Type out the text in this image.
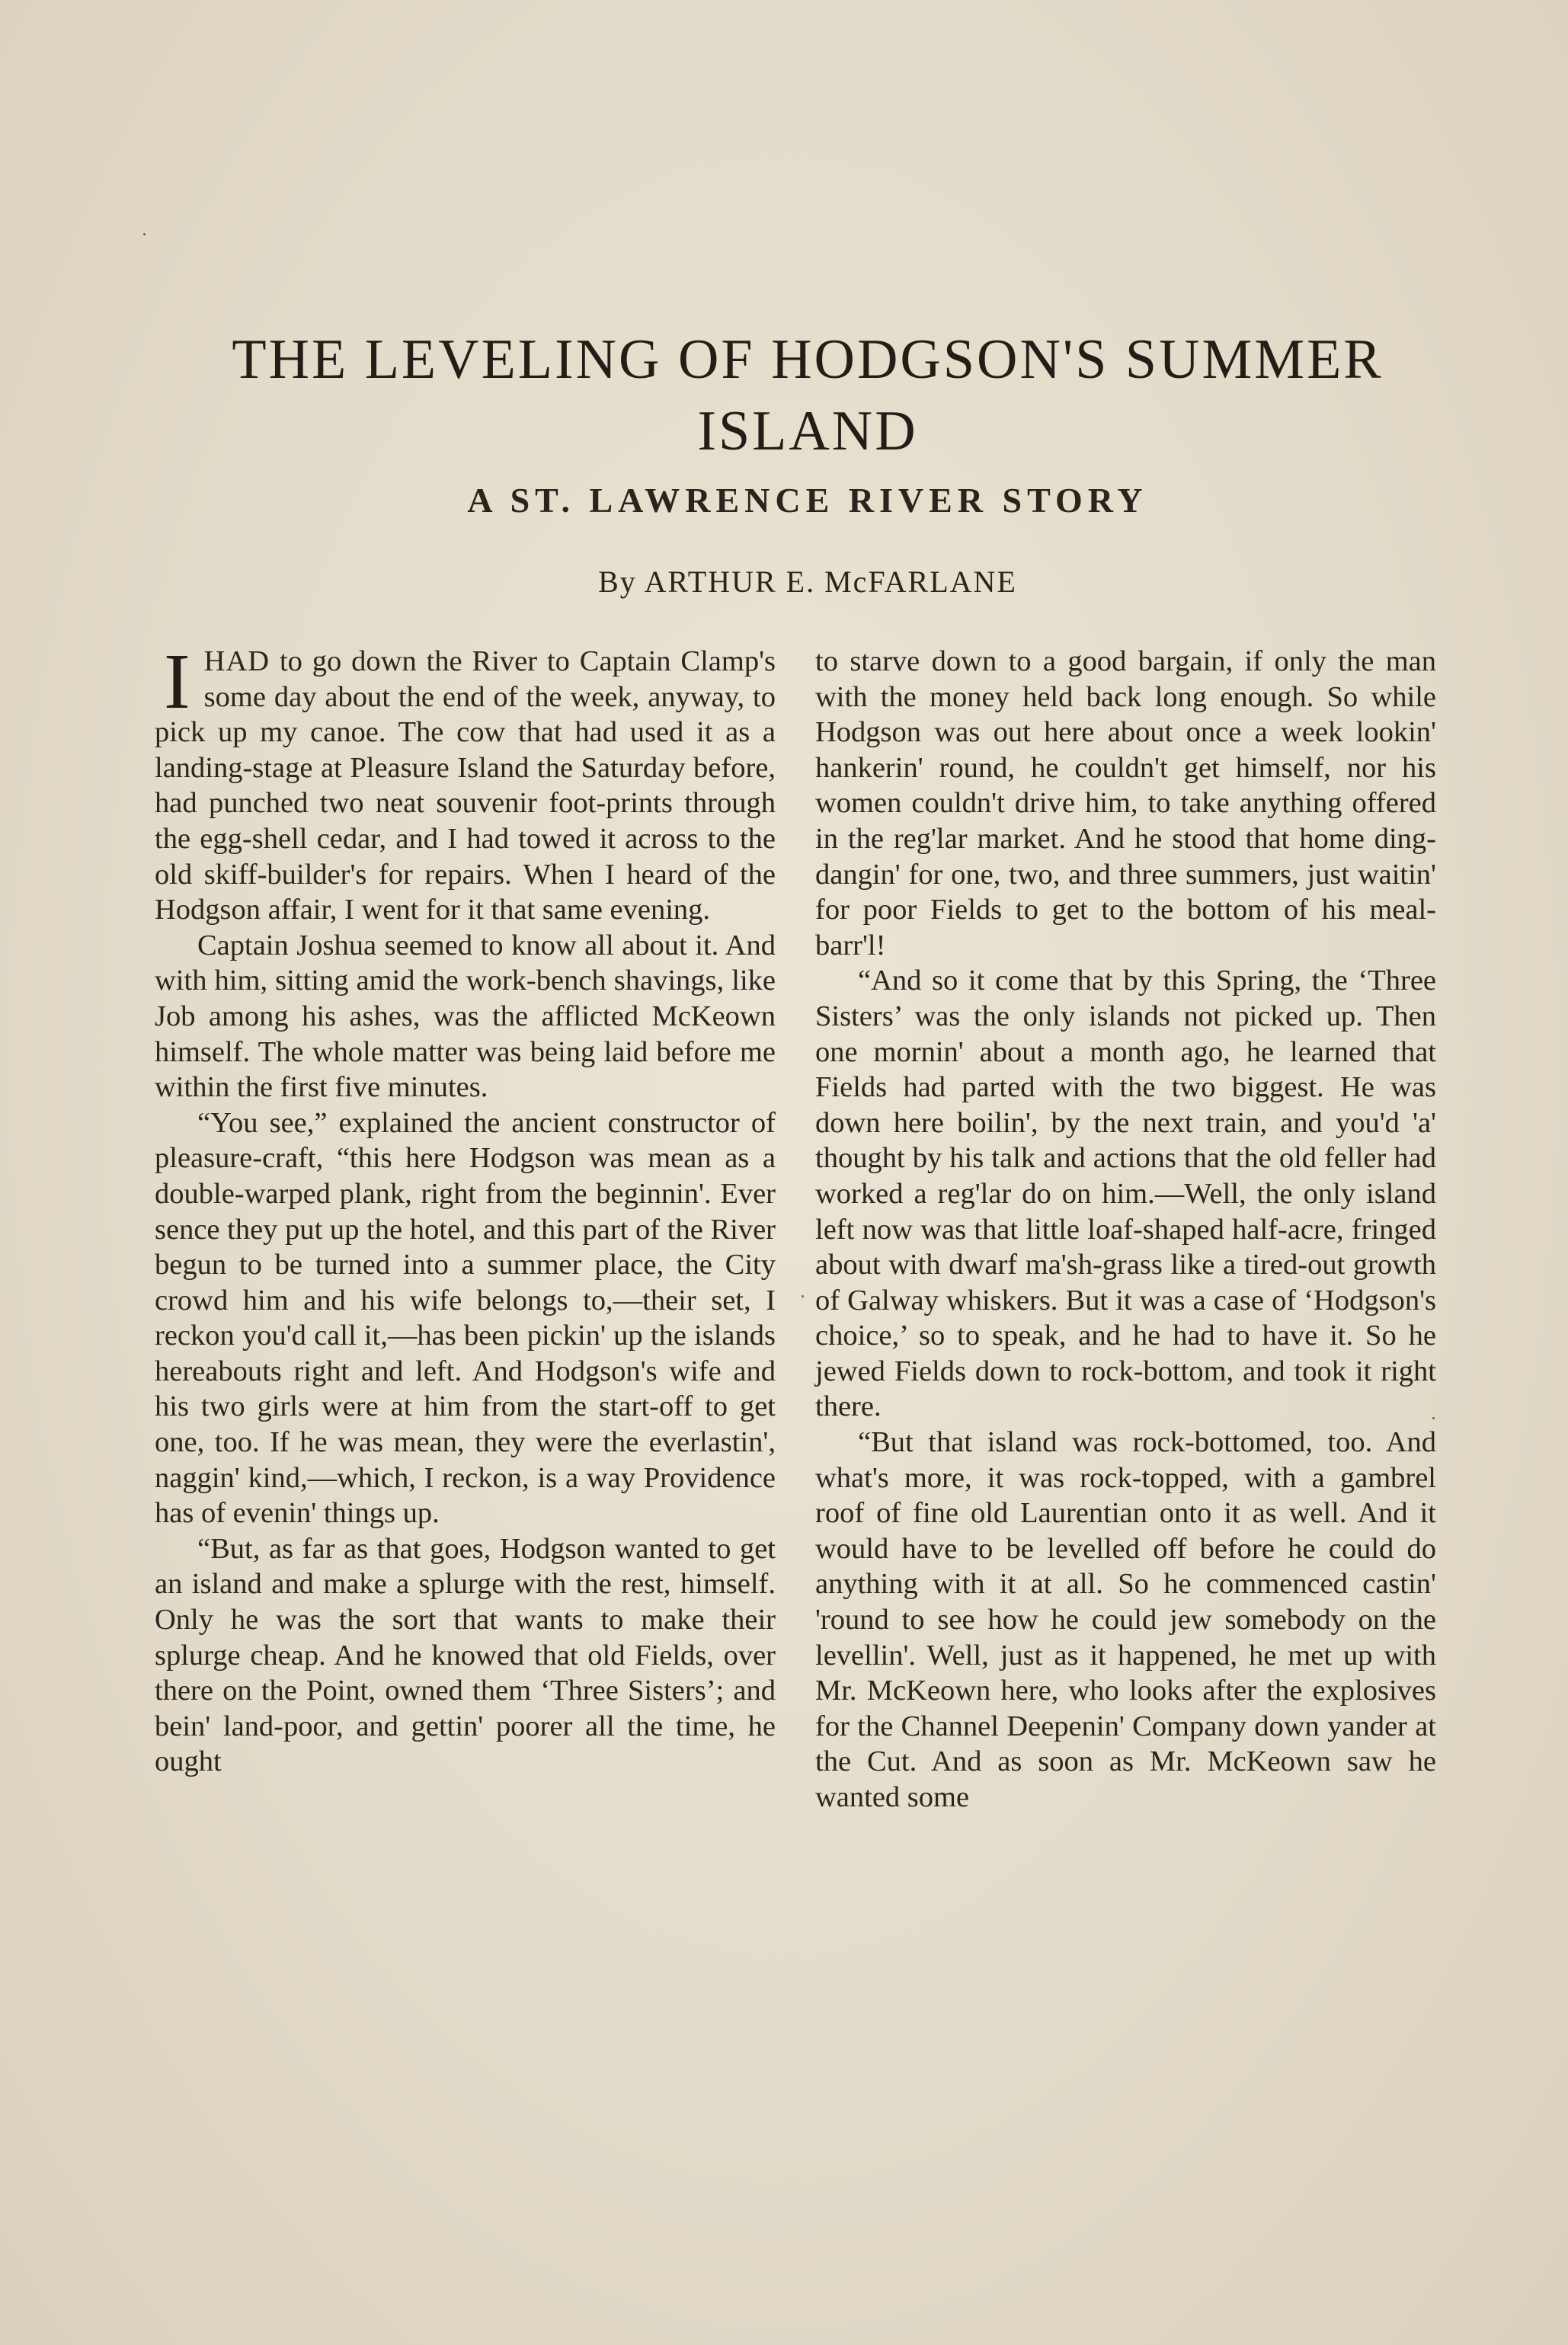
THE LEVELING OF HODGSON'S SUMMER ISLAND
A ST. LAWRENCE RIVER STORY
By ARTHUR E. McFARLANE

IHAD to go down the River to Captain Clamp's some day about the end of the week, anyway, to pick up my canoe. The cow that had used it as a landing-stage at Pleasure Island the Saturday before, had punched two neat souvenir foot-prints through the egg-shell cedar, and I had towed it across to the old skiff-builder's for repairs. When I heard of the Hodgson affair, I went for it that same evening.

Captain Joshua seemed to know all about it. And with him, sitting amid the work-bench shavings, like Job among his ashes, was the afflicted McKeown himself. The whole matter was being laid before me within the first five minutes.

“You see,” explained the ancient constructor of pleasure-craft, “this here Hodgson was mean as a double-warped plank, right from the beginnin'. Ever sence they put up the hotel, and this part of the River begun to be turned into a summer place, the City crowd him and his wife belongs to,—their set, I reckon you'd call it,—has been pickin' up the islands hereabouts right and left. And Hodgson's wife and his two girls were at him from the start-off to get one, too. If he was mean, they were the everlastin', naggin' kind,—which, I reckon, is a way Providence has of evenin' things up.

“But, as far as that goes, Hodgson wanted to get an island and make a splurge with the rest, himself. Only he was the sort that wants to make their splurge cheap. And he knowed that old Fields, over there on the Point, owned them ‘Three Sisters’; and bein' land-poor, and gettin' poorer all the time, he ought

to starve down to a good bargain, if only the man with the money held back long enough. So while Hodgson was out here about once a week lookin' hankerin' round, he couldn't get himself, nor his women couldn't drive him, to take anything offered in the reg'lar market. And he stood that home ding-dangin' for one, two, and three summers, just waitin' for poor Fields to get to the bottom of his meal-barr'l!

“And so it come that by this Spring, the ‘Three Sisters’ was the only islands not picked up. Then one mornin' about a month ago, he learned that Fields had parted with the two biggest. He was down here boilin', by the next train, and you'd 'a' thought by his talk and actions that the old feller had worked a reg'lar do on him.—Well, the only island left now was that little loaf-shaped half-acre, fringed about with dwarf ma'sh-grass like a tired-out growth of Galway whiskers. But it was a case of ‘Hodgson's choice,’ so to speak, and he had to have it. So he jewed Fields down to rock-bottom, and took it right there.

“But that island was rock-bottomed, too. And what's more, it was rock-topped, with a gambrel roof of fine old Laurentian onto it as well. And it would have to be levelled off before he could do anything with it at all. So he commenced castin' 'round to see how he could jew somebody on the levellin'. Well, just as it happened, he met up with Mr. McKeown here, who looks after the explosives for the Channel Deepenin' Company down yander at the Cut. And as soon as Mr. McKeown saw he wanted some
